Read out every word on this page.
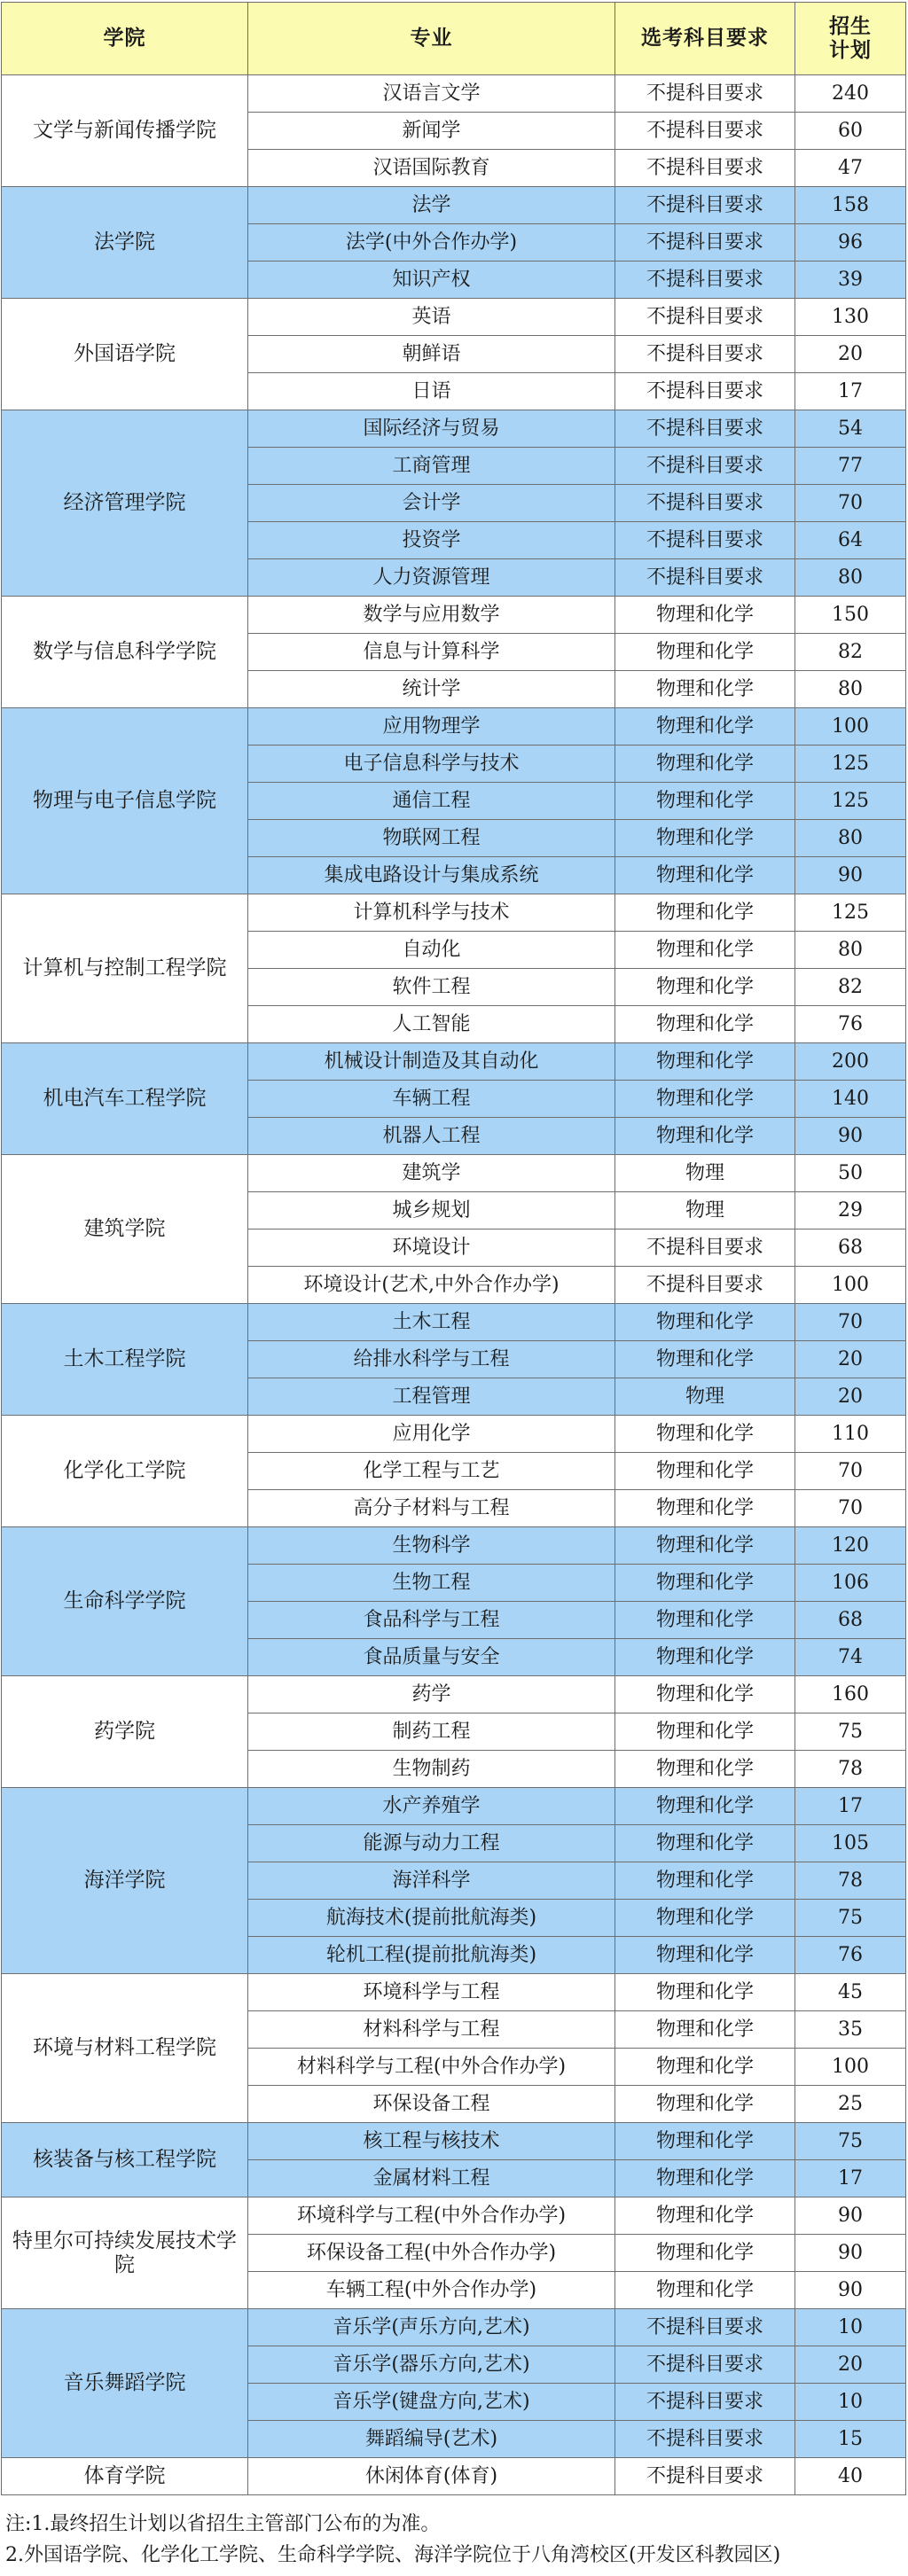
学院	专业	选考科目要求	招生计划
文学与新闻传播学院	汉语言文学	不提科目要求	240
	新闻学	不提科目要求	60
	汉语国际教育	不提科目要求	47
法学院	法学	不提科目要求	158
	法学(中外合作办学)	不提科目要求	96
	知识产权	不提科目要求	39
外国语学院	英语	不提科目要求	130
	朝鲜语	不提科目要求	20
	日语	不提科目要求	17
经济管理学院	国际经济与贸易	不提科目要求	54
	工商管理	不提科目要求	77
	会计学	不提科目要求	70
	投资学	不提科目要求	64
	人力资源管理	不提科目要求	80
数学与信息科学学院	数学与应用数学	物理和化学	150
	信息与计算科学	物理和化学	82
	统计学	物理和化学	80
物理与电子信息学院	应用物理学	物理和化学	100
	电子信息科学与技术	物理和化学	125
	通信工程	物理和化学	125
	物联网工程	物理和化学	80
	集成电路设计与集成系统	物理和化学	90
计算机与控制工程学院	计算机科学与技术	物理和化学	125
	自动化	物理和化学	80
	软件工程	物理和化学	82
	人工智能	物理和化学	76
机电汽车工程学院	机械设计制造及其自动化	物理和化学	200
	车辆工程	物理和化学	140
	机器人工程	物理和化学	90
建筑学院	建筑学	物理	50
	城乡规划	物理	29
	环境设计	不提科目要求	68
	环境设计(艺术,中外合作办学)	不提科目要求	100
土木工程学院	土木工程	物理和化学	70
	给排水科学与工程	物理和化学	20
	工程管理	物理	20
化学化工学院	应用化学	物理和化学	110
	化学工程与工艺	物理和化学	70
	高分子材料与工程	物理和化学	70
生命科学学院	生物科学	物理和化学	120
	生物工程	物理和化学	106
	食品科学与工程	物理和化学	68
	食品质量与安全	物理和化学	74
药学院	药学	物理和化学	160
	制药工程	物理和化学	75
	生物制药	物理和化学	78
海洋学院	水产养殖学	物理和化学	17
	能源与动力工程	物理和化学	105
	海洋科学	物理和化学	78
	航海技术(提前批航海类)	物理和化学	75
	轮机工程(提前批航海类)	物理和化学	76
环境与材料工程学院	环境科学与工程	物理和化学	45
	材料科学与工程	物理和化学	35
	材料科学与工程(中外合作办学)	物理和化学	100
	环保设备工程	物理和化学	25
核装备与核工程学院	核工程与核技术	物理和化学	75
	金属材料工程	物理和化学	17
特里尔可持续发展技术学院	环境科学与工程(中外合作办学)	物理和化学	90
	环保设备工程(中外合作办学)	物理和化学	90
	车辆工程(中外合作办学)	物理和化学	90
音乐舞蹈学院	音乐学(声乐方向,艺术)	不提科目要求	10
	音乐学(器乐方向,艺术)	不提科目要求	20
	音乐学(键盘方向,艺术)	不提科目要求	10
	舞蹈编导(艺术)	不提科目要求	15
体育学院	休闲体育(体育)	不提科目要求	40
注:1.最终招生计划以省招生主管部门公布的为准。
2.外国语学院、化学化工学院、生命科学学院、海洋学院位于八角湾校区(开发区科教园区)
